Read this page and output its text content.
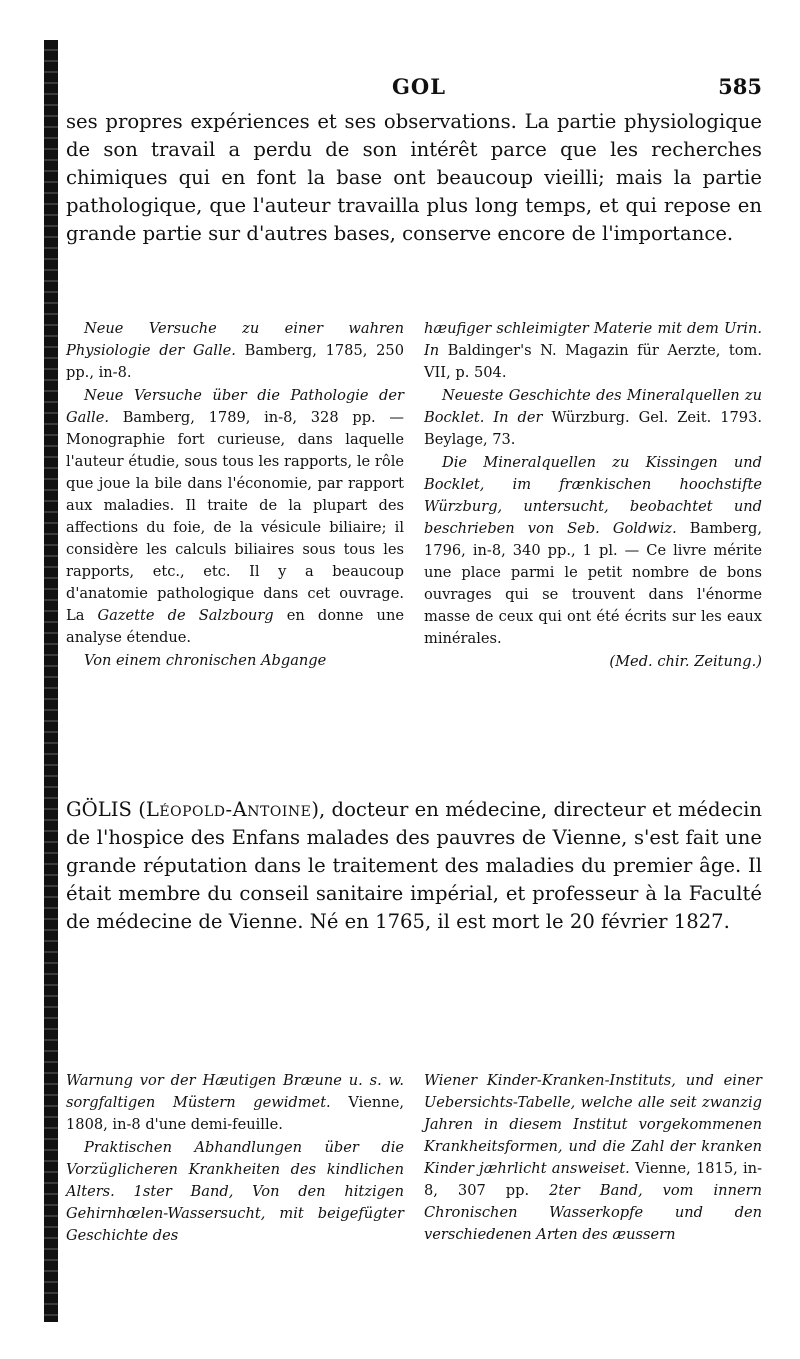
GOL	585

ses propres expériences et ses observations. La partie physiologique de son travail a perdu de son intérêt parce que les recherches chimiques qui en font la base ont beaucoup vieilli; mais la partie pathologique, que l'auteur travailla plus long temps, et qui repose en grande partie sur d'autres bases, conserve encore de l'importance.

Neue Versuche zu einer wahren Physiologie der Galle. Bamberg, 1785, 250 pp., in-8.

Neue Versuche über die Pathologie der Galle. Bamberg, 1789, in-8, 328 pp. — Monographie fort curieuse, dans laquelle l'auteur étudie, sous tous les rapports, le rôle que joue la bile dans l'économie, par rapport aux maladies. Il traite de la plupart des affections du foie, de la vésicule biliaire; il considère les calculs biliaires sous tous les rapports, etc., etc. Il y a beaucoup d'anatomie pathologique dans cet ouvrage. La Gazette de Salzbourg en donne une analyse étendue.

Von einem chronischen Abgange

hæufiger schleimigter Materie mit dem Urin. In Baldinger's N. Magazin für Aerzte, tom. VII, p. 504.

Neueste Geschichte des Mineralquellen zu Bocklet. In der Würzburg. Gel. Zeit. 1793. Beylage, 73.

Die Mineralquellen zu Kissingen und Bocklet, im frænkischen hoochstifte Würzburg, untersucht, beobachtet und beschrieben von Seb. Goldwiz. Bamberg, 1796, in-8, 340 pp., 1 pl. — Ce livre mérite une place parmi le petit nombre de bons ouvrages qui se trouvent dans l'énorme masse de ceux qui ont été écrits sur les eaux minérales.

(Med. chir. Zeitung.)

GÖLIS (Léopold-Antoine), docteur en médecine, directeur et médecin de l'hospice des Enfans malades des pauvres de Vienne, s'est fait une grande réputation dans le traitement des maladies du premier âge. Il était membre du conseil sanitaire impérial, et professeur à la Faculté de médecine de Vienne. Né en 1765, il est mort le 20 février 1827.

Warnung vor der Hæutigen Bræune u. s. w. sorgfaltigen Müstern gewidmet. Vienne, 1808, in-8 d'une demi-feuille.

Praktischen Abhandlungen über die Vorzüglicheren Krankheiten des kindlichen Alters. 1ster Band, Von den hitzigen Gehirnhœlen-Wassersucht, mit beigefügter Geschichte des

Wiener Kinder-Kranken-Instituts, und einer Uebersichts-Tabelle, welche alle seit zwanzig Jahren in diesem Institut vorgekommenen Krankheitsformen, und die Zahl der kranken Kinder jæhrlicht answeiset. Vienne, 1815, in-8, 307 pp. 2ter Band, vom innern Chronischen Wasserkopfe und den verschiedenen Arten des æussern
